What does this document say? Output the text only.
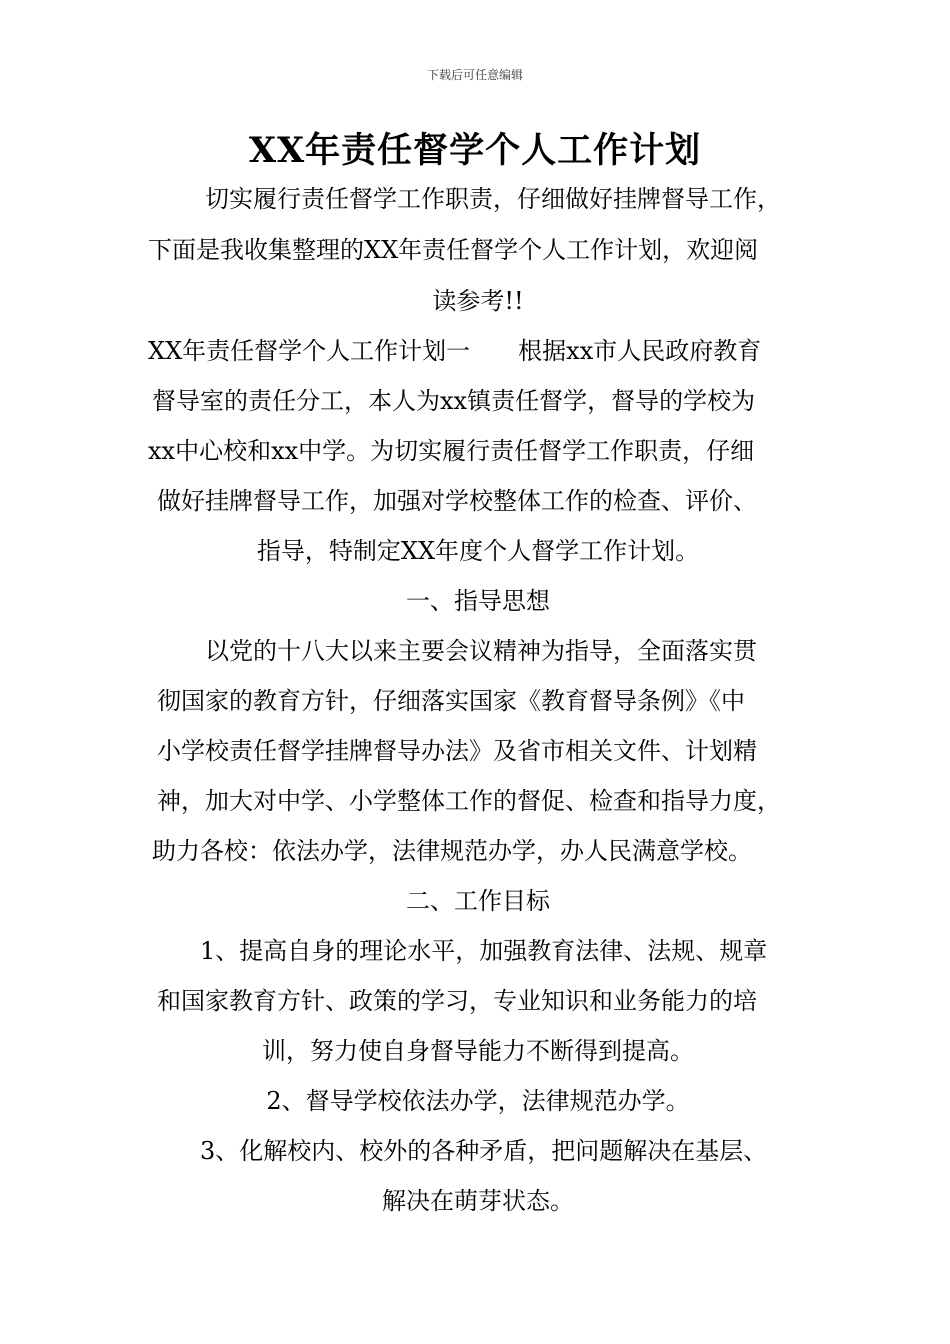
下载后可任意编辑
XX年责任督学个人工作计划
切实履行责任督学工作职责，仔细做好挂牌督导工作，
下面是我收集整理的XX年责任督学个人工作计划，欢迎阅
读参考!!
XX年责任督学个人工作计划一　　根据xx市人民政府教育
督导室的责任分工，本人为xx镇责任督学，督导的学校为
xx中心校和xx中学。为切实履行责任督学工作职责，仔细
做好挂牌督导工作，加强对学校整体工作的检查、评价、
指导，特制定XX年度个人督学工作计划。
一、指导思想
以党的十八大以来主要会议精神为指导，全面落实贯
彻国家的教育方针，仔细落实国家《教育督导条例》《中
小学校责任督学挂牌督导办法》及省市相关文件、计划精
神，加大对中学、小学整体工作的督促、检查和指导力度，
助力各校：依法办学，法律规范办学，办人民满意学校。
二、工作目标
1、提高自身的理论水平，加强教育法律、法规、规章
和国家教育方针、政策的学习，专业知识和业务能力的培
训，努力使自身督导能力不断得到提高。
2、督导学校依法办学，法律规范办学。
3、化解校内、校外的各种矛盾，把问题解决在基层、
解决在萌芽状态。
